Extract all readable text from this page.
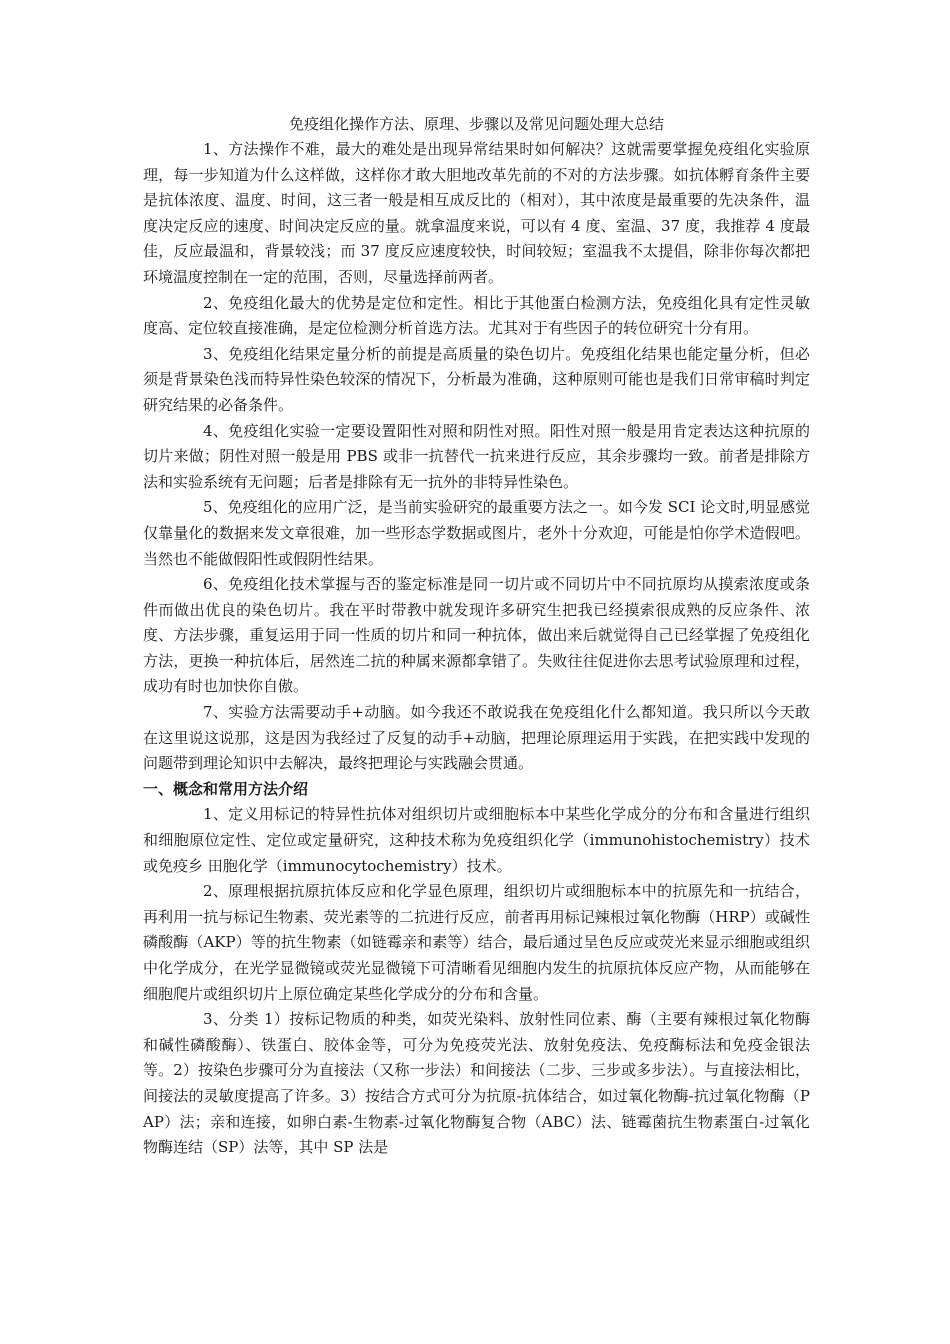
免疫组化操作方法、原理、步骤以及常见问题处理大总结

1、方法操作不难，最大的难处是出现异常结果时如何解决？这就需要掌握免疫组化实验原理，每一步知道为什么这样做，这样你才敢大胆地改革先前的不对的方法步骤。如抗体孵育条件主要是抗体浓度、温度、时间，这三者一般是相互成反比的（相对），其中浓度是最重要的先决条件，温度决定反应的速度、时间决定反应的量。就拿温度来说，可以有 4 度、室温、37 度，我推荐 4 度最佳，反应最温和，背景较浅；而 37 度反应速度较快，时间较短；室温我不太提倡，除非你每次都把环境温度控制在一定的范围，否则，尽量选择前两者。

2、免疫组化最大的优势是定位和定性。相比于其他蛋白检测方法，免疫组化具有定性灵敏度高、定位较直接准确，是定位检测分析首选方法。尤其对于有些因子的转位研究十分有用。

3、免疫组化结果定量分析的前提是高质量的染色切片。免疫组化结果也能定量分析，但必须是背景染色浅而特异性染色较深的情况下，分析最为准确，这种原则可能也是我们日常审稿时判定研究结果的必备条件。

4、免疫组化实验一定要设置阳性对照和阴性对照。阳性对照一般是用肯定表达这种抗原的切片来做；阴性对照一般是用 PBS 或非一抗替代一抗来进行反应，其余步骤均一致。前者是排除方法和实验系统有无问题；后者是排除有无一抗外的非特异性染色。

5、免疫组化的应用广泛，是当前实验研究的最重要方法之一。如今发 SCI 论文时,明显感觉仅靠量化的数据来发文章很难，加一些形态学数据或图片，老外十分欢迎，可能是怕你学术造假吧。当然也不能做假阳性或假阴性结果。

6、免疫组化技术掌握与否的鉴定标准是同一切片或不同切片中不同抗原均从摸索浓度或条件而做出优良的染色切片。我在平时带教中就发现许多研究生把我已经摸索很成熟的反应条件、浓度、方法步骤，重复运用于同一性质的切片和同一种抗体，做出来后就觉得自己已经掌握了免疫组化方法，更换一种抗体后，居然连二抗的种属来源都拿错了。失败往往促进你去思考试验原理和过程，成功有时也加快你自傲。

7、实验方法需要动手+动脑。如今我还不敢说我在免疫组化什么都知道。我只所以今天敢在这里说这说那，这是因为我经过了反复的动手+动脑，把理论原理运用于实践，在把实践中发现的问题带到理论知识中去解决，最终把理论与实践融会贯通。

一、概念和常用方法介绍

1、定义用标记的特异性抗体对组织切片或细胞标本中某些化学成分的分布和含量进行组织和细胞原位定性、定位或定量研究，这种技术称为免疫组织化学（immunohistochemistry）技术或免疫乡 田胞化学（immunocytochemistry）技术。

2、原理根据抗原抗体反应和化学显色原理，组织切片或细胞标本中的抗原先和一抗结合，再利用一抗与标记生物素、荧光素等的二抗进行反应，前者再用标记辣根过氧化物酶（HRP）或碱性磷酸酶（AKP）等的抗生物素（如链霉亲和素等）结合，最后通过呈色反应或荧光来显示细胞或组织中化学成分，在光学显微镜或荧光显微镜下可清晰看见细胞内发生的抗原抗体反应产物，从而能够在细胞爬片或组织切片上原位确定某些化学成分的分布和含量。

3、分类 1）按标记物质的种类，如荧光染料、放射性同位素、酶（主要有辣根过氧化物酶和碱性磷酸酶）、铁蛋白、胶体金等，可分为免疫荧光法、放射免疫法、免疫酶标法和免疫金银法等。2）按染色步骤可分为直接法（又称一步法）和间接法（二步、三步或多步法）。与直接法相比，间接法的灵敏度提高了许多。3）按结合方式可分为抗原-抗体结合，如过氧化物酶-抗过氧化物酶（PAP）法；亲和连接，如卵白素-生物素-过氧化物酶复合物（ABC）法、链霉菌抗生物素蛋白-过氧化物酶连结（SP）法等，其中 SP 法是
